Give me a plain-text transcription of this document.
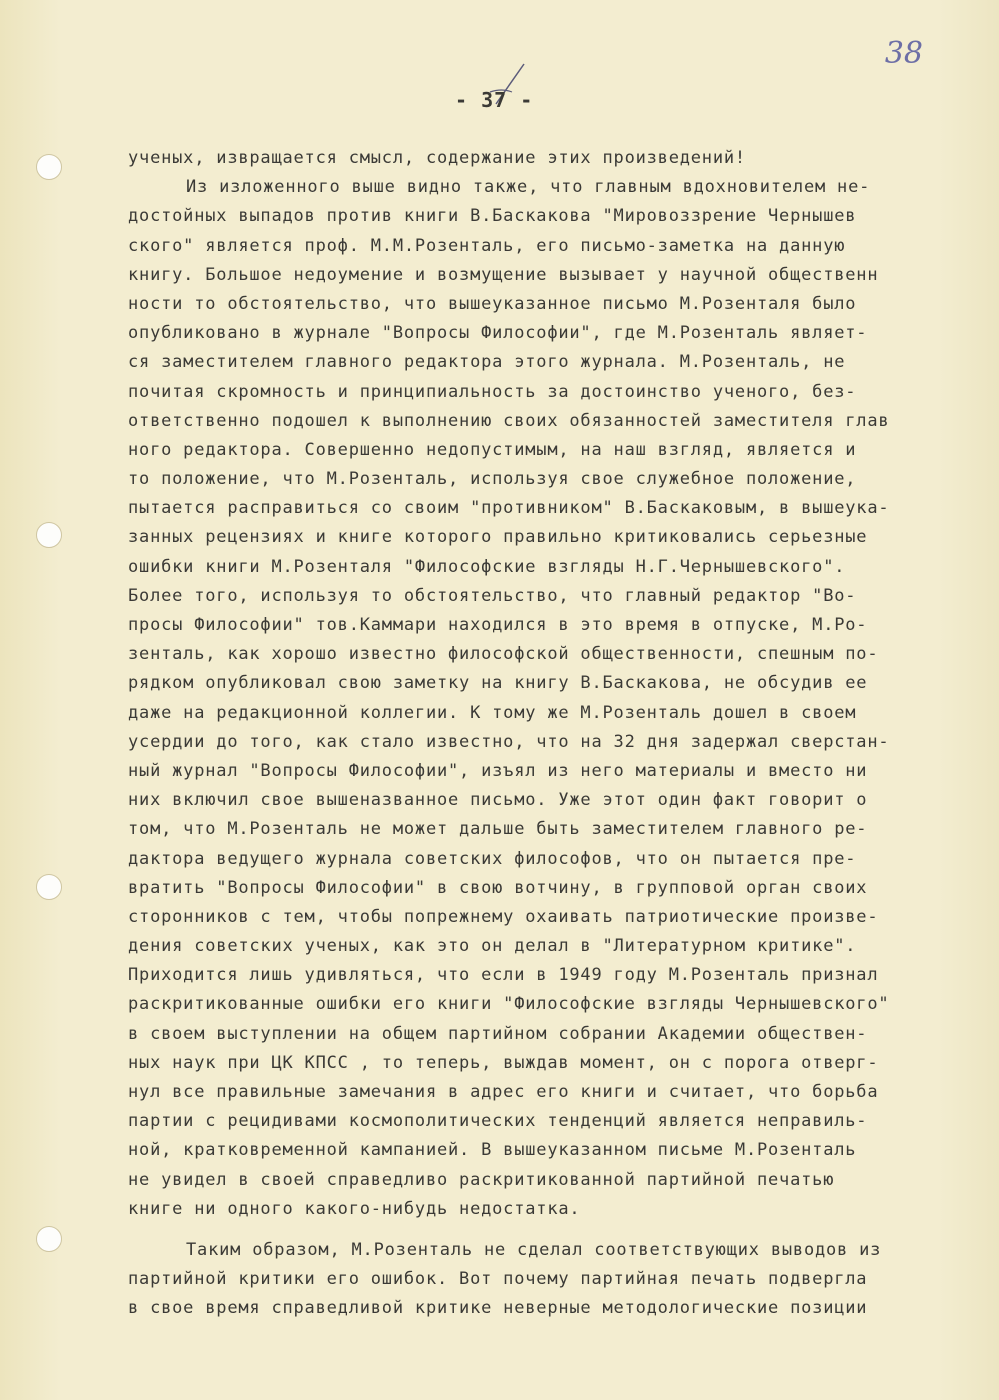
38
- 37 -
ученых, извращается смысл, содержание этих произведений!
Из изложенного выше видно также, что главным вдохновителем не-
достойных выпадов против книги В.Баскакова "Мировоззрение Чернышев
ского" является проф. М.М.Розенталь, его письмо-заметка на данную
книгу. Большое недоумение и возмущение вызывает у научной общественн
ности то обстоятельство, что вышеуказанное письмо М.Розенталя было
опубликовано в журнале "Вопросы Философии", где М.Розенталь являет-
ся заместителем главного редактора этого журнала. М.Розенталь, не
почитая скромность и принципиальность за достоинство ученого, без-
ответственно подошел к выполнению своих обязанностей заместителя глав
ного редактора. Совершенно недопустимым, на наш взгляд, является и
то положение, что М.Розенталь, используя свое служебное положение,
пытается расправиться со своим "противником" В.Баскаковым, в вышеука-
занных рецензиях и книге которого правильно критиковались серьезные
ошибки книги М.Розенталя "Философские взгляды Н.Г.Чернышевского".
Более того, используя то обстоятельство, что главный редактор "Во-
просы Философии" тов.Каммари находился в это время в отпуске, М.Ро-
зенталь, как хорошо известно философской общественности, спешным по-
рядком опубликовал свою заметку на книгу В.Баскакова, не обсудив ее
даже на редакционной коллегии. К тому же М.Розенталь дошел в своем
усердии до того, как стало известно, что на 32 дня задержал сверстан-
ный журнал "Вопросы Философии", изъял из него материалы и вместо ни
них включил свое вышеназванное письмо. Уже этот один факт говорит о
том, что М.Розенталь не может дальше быть заместителем главного ре-
дактора ведущего журнала советских философов, что он пытается пре-
вратить "Вопросы Философии" в свою вотчину, в групповой орган своих
сторонников с тем, чтобы попрежнему охаивать патриотические произве-
дения советских ученых, как это он делал в "Литературном критике".
Приходится лишь удивляться, что если в 1949 году М.Розенталь признал
раскритикованные ошибки его книги "Философские взгляды Чернышевского"
в своем выступлении на общем партийном собрании Академии обществен-
ных наук при ЦК КПСС , то теперь, выждав момент, он с порога отверг-
нул все правильные замечания в адрес его книги и считает, что борьба
партии с рецидивами космополитических тенденций является неправиль-
ной, кратковременной кампанией. В вышеуказанном письме М.Розенталь
не увидел в своей справедливо раскритикованной партийной печатью
книге ни одного какого-нибудь недостатка.
Таким образом, М.Розенталь не сделал соответствующих выводов из
партийной критики его ошибок. Вот почему партийная печать подвергла
в свое время справедливой критике неверные методологические позиции
